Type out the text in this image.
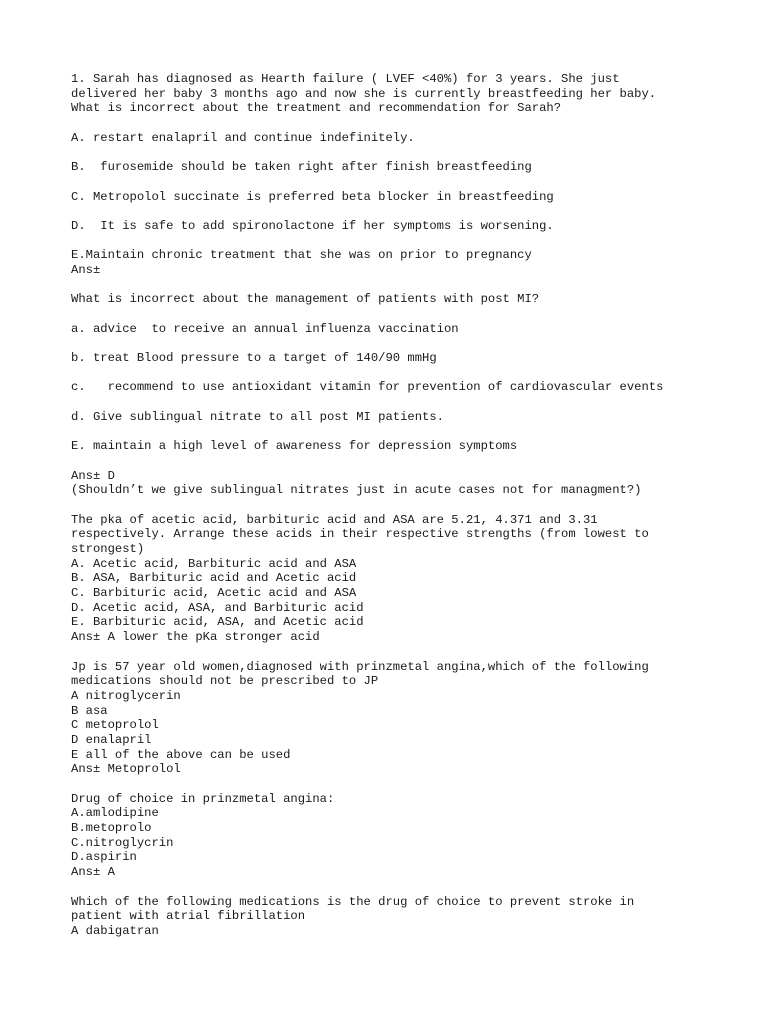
1. Sarah has diagnosed as Hearth failure ( LVEF <40%) for 3 years. She just
delivered her baby 3 months ago and now she is currently breastfeeding her baby.
What is incorrect about the treatment and recommendation for Sarah?
A. restart enalapril and continue indefinitely.
B.  furosemide should be taken right after finish breastfeeding
C. Metropolol succinate is preferred beta blocker in breastfeeding
D.  It is safe to add spironolactone if her symptoms is worsening.
E.Maintain chronic treatment that she was on prior to pregnancy
Ans±
What is incorrect about the management of patients with post MI?
a. advice  to receive an annual influenza vaccination
b. treat Blood pressure to a target of 140/90 mmHg
c.   recommend to use antioxidant vitamin for prevention of cardiovascular events
d. Give sublingual nitrate to all post MI patients.
E. maintain a high level of awareness for depression symptoms
Ans± D
(Shouldn’t we give sublingual nitrates just in acute cases not for managment?)
The pka of acetic acid, barbituric acid and ASA are 5.21, 4.371 and 3.31
respectively. Arrange these acids in their respective strengths (from lowest to
strongest)
A. Acetic acid, Barbituric acid and ASA
B. ASA, Barbituric acid and Acetic acid
C. Barbituric acid, Acetic acid and ASA
D. Acetic acid, ASA, and Barbituric acid
E. Barbituric acid, ASA, and Acetic acid
Ans± A lower the pKa stronger acid
Jp is 57 year old women,diagnosed with prinzmetal angina,which of the following
medications should not be prescribed to JP
A nitroglycerin
B asa
C metoprolol
D enalapril
E all of the above can be used
Ans± Metoprolol
Drug of choice in prinzmetal angina:
A.amlodipine
B.metoprolo
C.nitroglycrin
D.aspirin
Ans± A
Which of the following medications is the drug of choice to prevent stroke in
patient with atrial fibrillation
A dabigatran
